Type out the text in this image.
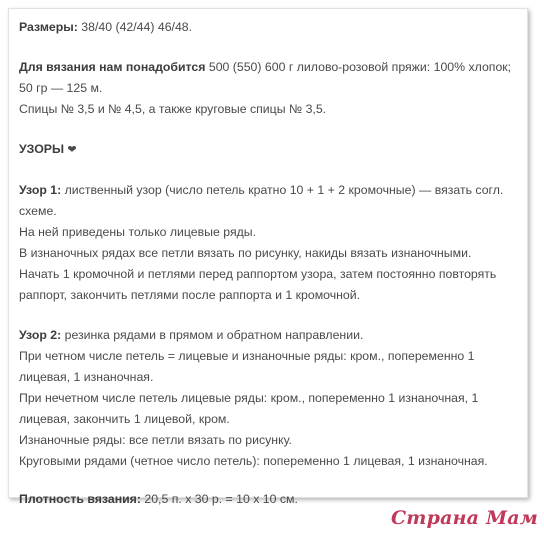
Размеры: 38/40 (42/44) 46/48.

Для вязания нам понадобится 500 (550) 600 г лилово-розовой пряжи: 100% хлопок;
50 гр — 125 м.
Спицы № 3,5 и № 4,5, а также круговые спицы № 3,5.

УЗОРЫ ❤

Узор 1: лиственный узор (число петель кратно 10 + 1 + 2 кромочные) — вязать согл.
схеме.
На ней приведены только лицевые ряды.
В изнаночных рядах все петли вязать по рисунку, накиды вязать изнаночными.
Начать 1 кромочной и петлями перед раппортом узора, затем постоянно повторять
раппорт, закончить петлями после раппорта и 1 кромочной.

Узор 2: резинка рядами в прямом и обратном направлении.
При четном числе петель = лицевые и изнаночные ряды: кром., попеременно 1
лицевая, 1 изнаночная.
При нечетном числе петель лицевые ряды: кром., попеременно 1 изнаночная, 1
лицевая, закончить 1 лицевой, кром.
Изнаночные ряды: все петли вязать по рисунку.
Круговыми рядами (четное число петель): попеременно 1 лицевая, 1 изнаночная.

Плотность вязания: 20,5 п. х 30 р. = 10 х 10 см.

Страна Мам
